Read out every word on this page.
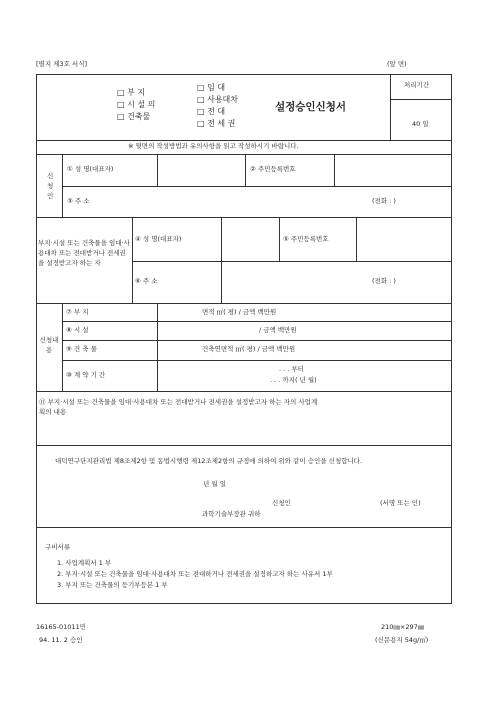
[별지 제3호 서식]	(앞 면)
처리기간
40 일
□ 부 지
□ 시 설 의
□ 건축물
□ 임 대
□ 사용대차
□ 전 대
□ 전 세 권
설정승인신청서
※ 뒷면의 작성방법과 유의사항을 읽고 작성하시기 바랍니다.
신청인
① 성 명(대표자)	② 주민등록번호
③ 주 소	(전화 : )
부지·시설 또는 건축물을 임대·사용대차 또는 전대받거나 전세권을 설정받고자 하는 자
④ 성 명(대표자)	⑤ 주민등록번호
⑥ 주 소	(전화 : )
신청내용
⑦ 부 지	면적 ㎡( 평) / 금액 백만원
⑧ 시 설	/ 금액 백만원
⑨ 건 축 물	건축연면적 ㎡( 평) / 금액 백만원
⑩ 계 약 기 간
. . . 부터
. . . 까지( 년 월)
⑪ 부지·시설 또는 건축물을 임대·사용대차 또는 전대받거나 전세권을 설정받고자 하는 자의 사업계획의 내용
대덕연구단지관리법 제8조제2항 및 동법시행령 제12조제2항의 규정에 의하여 위와 같이 승인을 신청합니다.
년 월 일
신청인	(서명 또는 인)
과학기술부장관 귀하
구비서류
1. 사업계획서 1 부
2. 부지·시설 또는 건축물을 임대·사용대차 또는 전대하거나 전세권을 설정하고자 하는 사유서 1부
3. 부지 또는 건축물의 등기부등본 1 부
16165-01011민
94. 11. 2 승인
210㎜×297㎜
(신문용지 54g/㎡)
